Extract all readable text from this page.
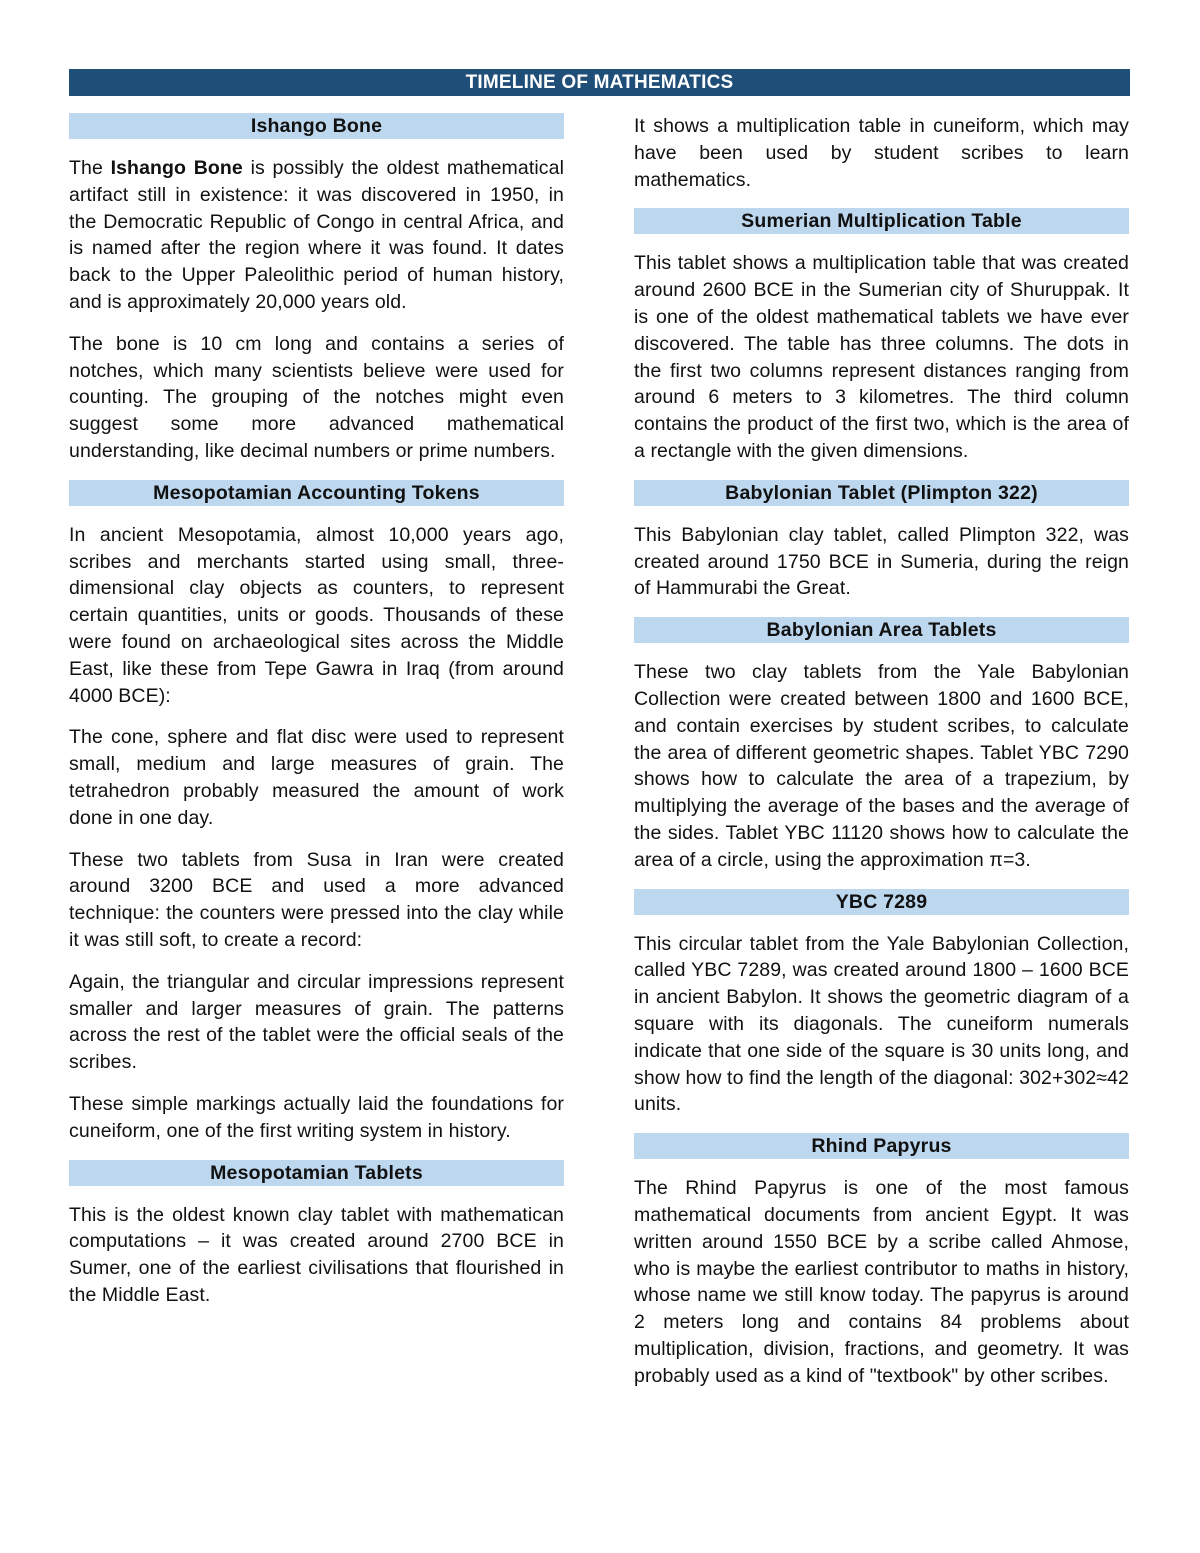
TIMELINE OF MATHEMATICS
Ishango Bone

The Ishango Bone is possibly the oldest mathematical artifact still in existence: it was discovered in 1950, in the Democratic Republic of Congo in central Africa, and is named after the region where it was found. It dates back to the Upper Paleolithic period of human history, and is approximately 20,000 years old.

The bone is 10 cm long and contains a series of notches, which many scientists believe were used for counting. The grouping of the notches might even suggest some more advanced mathematical understanding, like decimal numbers or prime numbers.

Mesopotamian Accounting Tokens

In ancient Mesopotamia, almost 10,000 years ago, scribes and merchants started using small, three-dimensional clay objects as counters, to represent certain quantities, units or goods. Thousands of these were found on archaeological sites across the Middle East, like these from Tepe Gawra in Iraq (from around 4000 BCE):

The cone, sphere and flat disc were used to represent small, medium and large measures of grain. The tetrahedron probably measured the amount of work done in one day.

These two tablets from Susa in Iran were created around 3200 BCE and used a more advanced technique: the counters were pressed into the clay while it was still soft, to create a record:

Again, the triangular and circular impressions represent smaller and larger measures of grain. The patterns across the rest of the tablet were the official seals of the scribes.

These simple markings actually laid the foundations for cuneiform, one of the first writing system in history.

Mesopotamian Tablets

This is the oldest known clay tablet with mathematican computations – it was created around 2700 BCE in Sumer, one of the earliest civilisations that flourished in the Middle East.

It shows a multiplication table in cuneiform, which may have been used by student scribes to learn mathematics.

Sumerian Multiplication Table

This tablet shows a multiplication table that was created around 2600 BCE in the Sumerian city of Shuruppak. It is one of the oldest mathematical tablets we have ever discovered. The table has three columns. The dots in the first two columns represent distances ranging from around 6 meters to 3 kilometres. The third column contains the product of the first two, which is the area of a rectangle with the given dimensions.

Babylonian Tablet (Plimpton 322)

This Babylonian clay tablet, called Plimpton 322, was created around 1750 BCE in Sumeria, during the reign of Hammurabi the Great.

Babylonian Area Tablets

These two clay tablets from the Yale Babylonian Collection were created between 1800 and 1600 BCE, and contain exercises by student scribes, to calculate the area of different geometric shapes. Tablet YBC 7290 shows how to calculate the area of a trapezium, by multiplying the average of the bases and the average of the sides. Tablet YBC 11120 shows how to calculate the area of a circle, using the approximation π=3.

YBC 7289

This circular tablet from the Yale Babylonian Collection, called YBC 7289, was created around 1800 – 1600 BCE in ancient Babylon. It shows the geometric diagram of a square with its diagonals. The cuneiform numerals indicate that one side of the square is 30 units long, and show how to find the length of the diagonal: 302+302≈42 units.

Rhind Papyrus

The Rhind Papyrus is one of the most famous mathematical documents from ancient Egypt. It was written around 1550 BCE by a scribe called Ahmose, who is maybe the earliest contributor to maths in history, whose name we still know today. The papyrus is around 2 meters long and contains 84 problems about multiplication, division, fractions, and geometry. It was probably used as a kind of "textbook" by other scribes.
